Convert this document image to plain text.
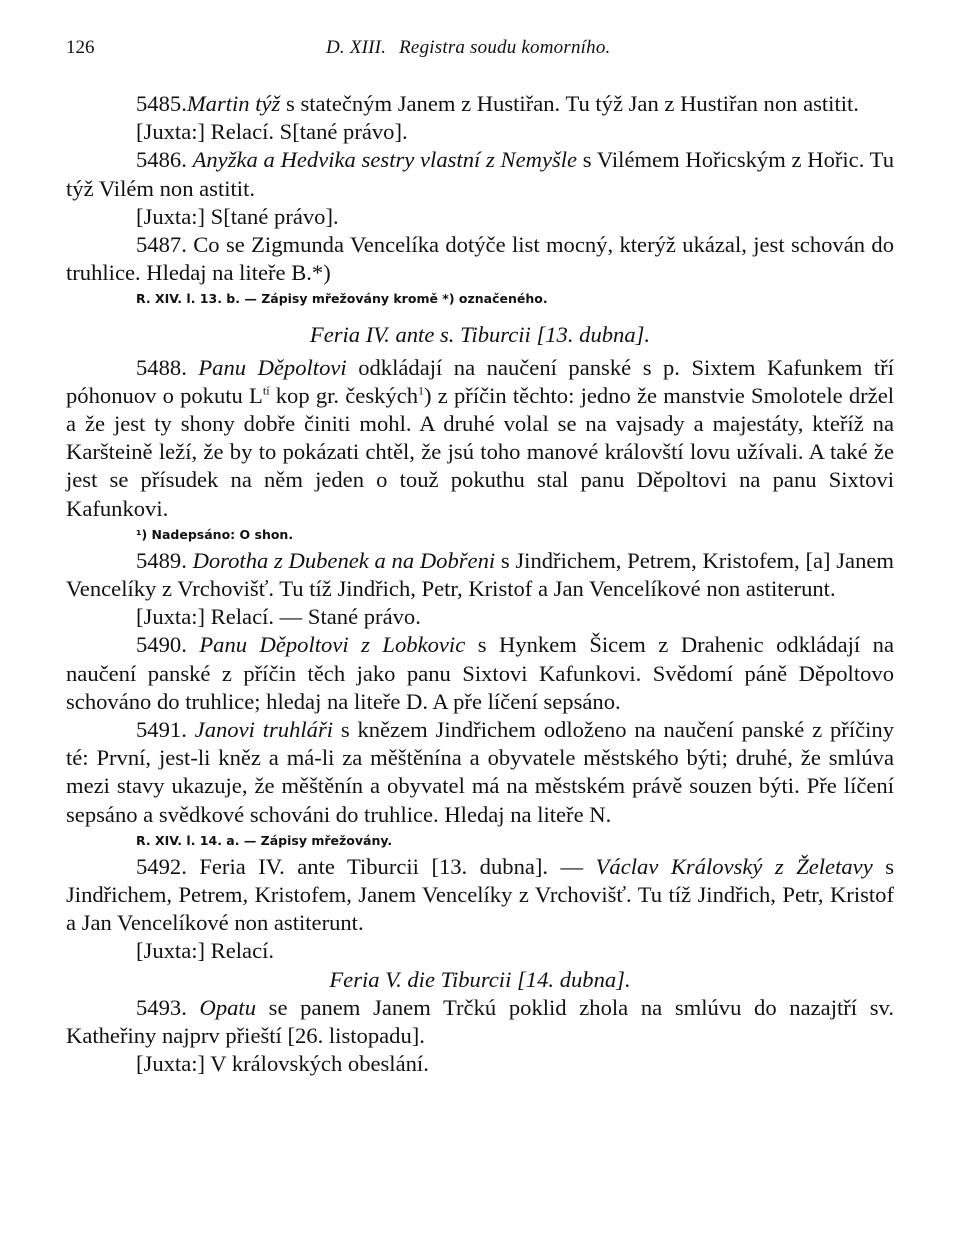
126	D. XIII. Registra soudu komorního.

5485.Martin týž s statečným Janem z Hustiřan. Tu týž Jan z Hustiřan non astitit.

[Juxta:] Relací. S[tané právo].

5486. Anyžka a Hedvika sestry vlastní z Nemyšle s Vilémem Hořicským z Hořic. Tu týž Vilém non astitit.

[Juxta:] S[tané právo].

5487. Co se Zigmunda Vencelíka dotýče list mocný, kterýž ukázal, jest schován do truhlice. Hledaj na liteře B.*)

R. XIV. l. 13. b. — Zápisy mřežovány kromě *) označeného.

Feria IV. ante s. Tiburcii [13. dubna].

5488. Panu Děpoltovi odkládají na naučení panské s p. Sixtem Kafunkem tří póhonuov o pokutu $L^{tí}$ kop gr. českých$^1$) z příčin těchto: jedno že manstvie Smolotele držel a že jest ty shony dobře činiti mohl. A druhé volal se na vajsady a majestáty, kteříž na Karšteině leží, že by to pokázati chtěl, že jsú toho manové královští lovu užívali. A také že jest se přísudek na něm jeden o touž pokuthu stal panu Děpoltovi na panu Sixtovi Kafunkovi.

¹) Nadepsáno: O shon.

5489. Dorotha z Dubenek a na Dobřeni s Jindřichem, Petrem, Kristofem, [a] Janem Vencelíky z Vrchovišť. Tu tíž Jindřich, Petr, Kristof a Jan Vencelíkové non astiterunt.

[Juxta:] Relací. — Stané právo.

5490. Panu Děpoltovi z Lobkovic s Hynkem Šicem z Drahenic odkládají na naučení panské z příčin těch jako panu Sixtovi Kafunkovi. Svědomí páně Děpoltovo schováno do truhlice; hledaj na liteře D. A pře líčení sepsáno.

5491. Janovi truhláři s knězem Jindřichem odloženo na naučení panské z příčiny té: První, jest-li kněz a má-li za měštěnína a obyvatele městského býti; druhé, že smlúva mezi stavy ukazuje, že měštěnín a obyvatel má na městském právě souzen býti. Pře líčení sepsáno a svědkové schováni do truhlice. Hledaj na liteře N.

R. XIV. l. 14. a. — Zápisy mřežovány.

5492. Feria IV. ante Tiburcii [13. dubna]. — Václav Královský z Želetavy s Jindřichem, Petrem, Kristofem, Janem Vencelíky z Vrchovišť. Tu tíž Jindřich, Petr, Kristof a Jan Vencelíkové non astiterunt.

[Juxta:] Relací.

Feria V. die Tiburcii [14. dubna].

5493. Opatu se panem Janem Trčkú poklid zhola na smlúvu do nazajtří sv. Katheřiny najprv přieští [26. listopadu].

[Juxta:] V královských obeslání.
